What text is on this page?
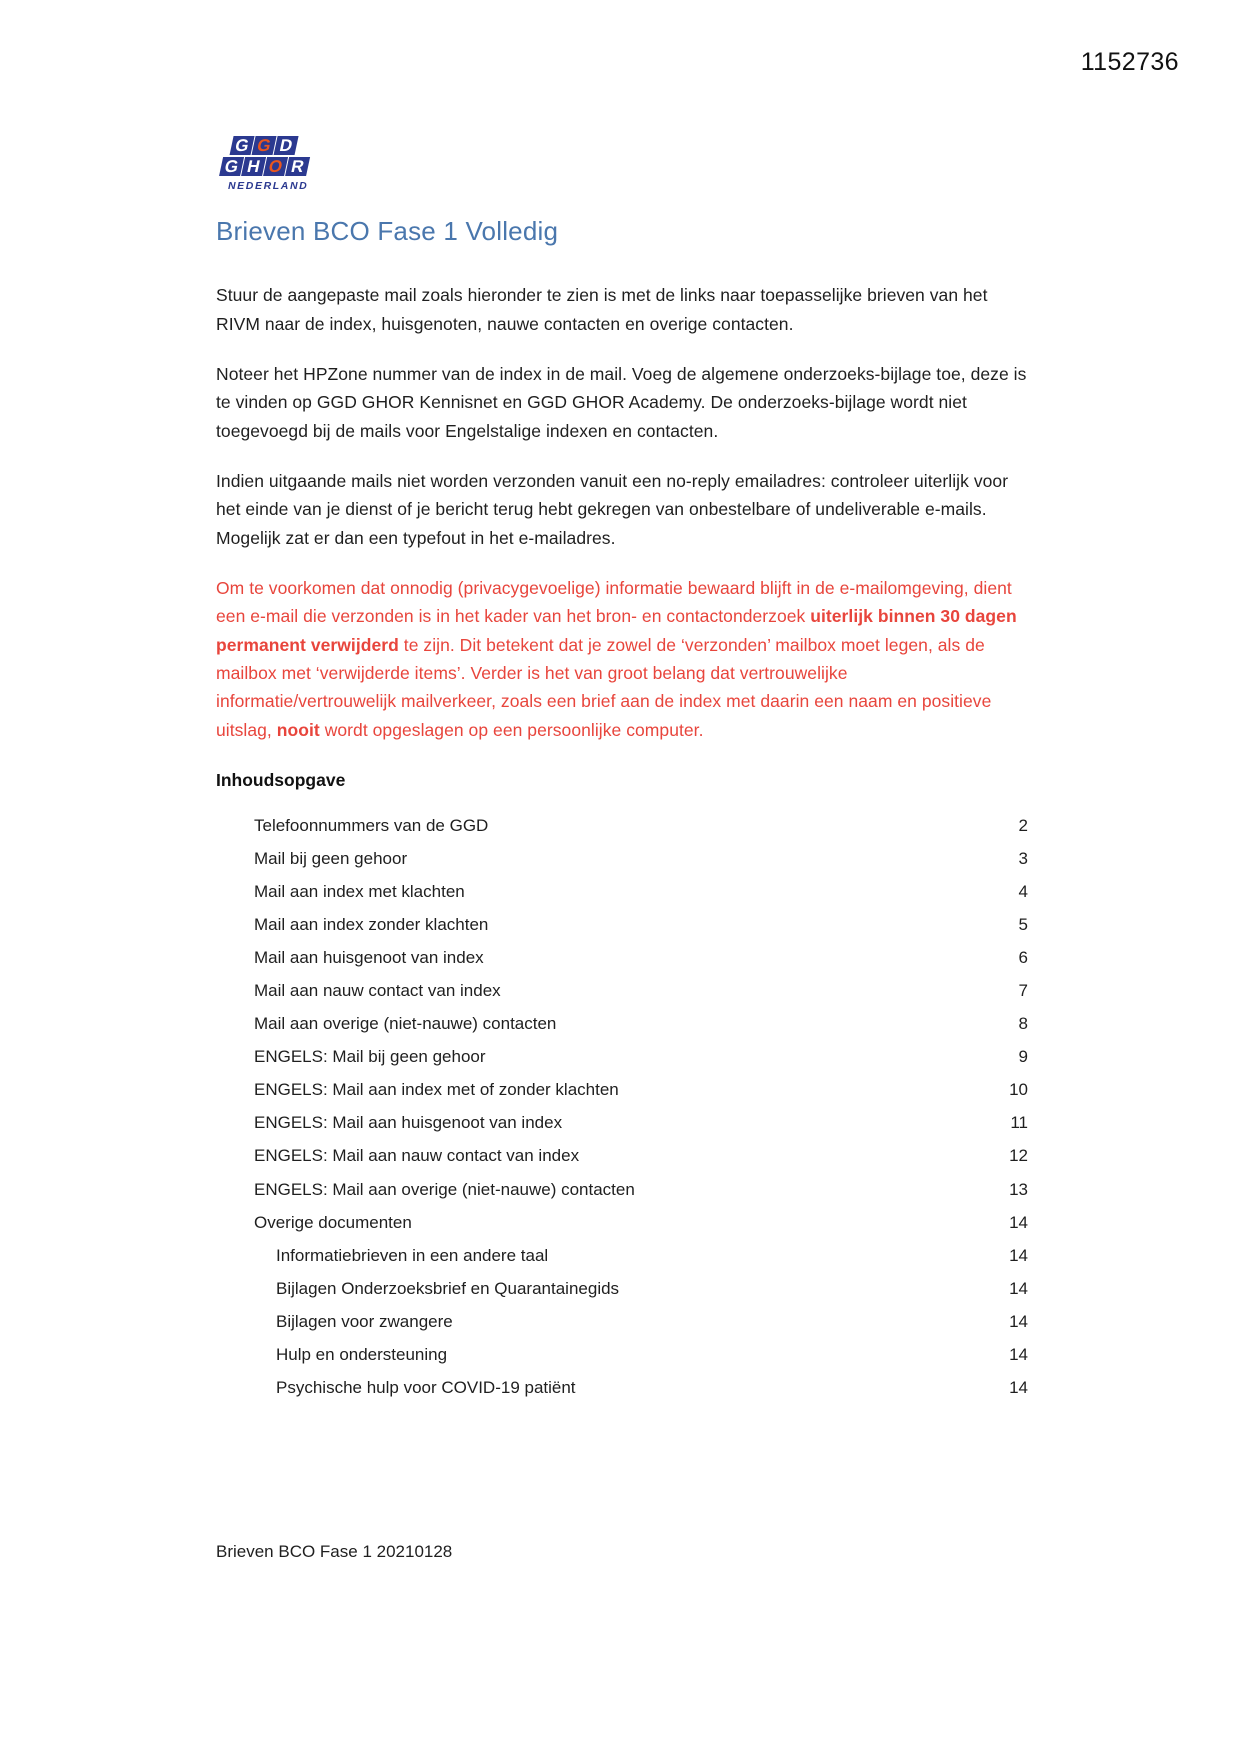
1152736
G G D
G H O R
NEDERLAND
Brieven BCO Fase 1 Volledig

Stuur de aangepaste mail zoals hieronder te zien is met de links naar toepasselijke brieven van het RIVM naar de index, huisgenoten, nauwe contacten en overige contacten.

Noteer het HPZone nummer van de index in de mail. Voeg de algemene onderzoeks-bijlage toe, deze is te vinden op GGD GHOR Kennisnet en GGD GHOR Academy. De onderzoeks-bijlage wordt niet toegevoegd bij de mails voor Engelstalige indexen en contacten.

Indien uitgaande mails niet worden verzonden vanuit een no-reply emailadres: controleer uiterlijk voor het einde van je dienst of je bericht terug hebt gekregen van onbestelbare of undeliverable e-mails. Mogelijk zat er dan een typefout in het e-mailadres.

Om te voorkomen dat onnodig (privacygevoelige) informatie bewaard blijft in de e-mailomgeving, dient een e-mail die verzonden is in het kader van het bron- en contactonderzoek uiterlijk binnen 30 dagen permanent verwijderd te zijn. Dit betekent dat je zowel de ‘verzonden’ mailbox moet legen, als de mailbox met ‘verwijderde items’. Verder is het van groot belang dat vertrouwelijke informatie/vertrouwelijk mailverkeer, zoals een brief aan de index met daarin een naam en positieve uitslag, nooit wordt opgeslagen op een persoonlijke computer.

Inhoudsopgave
Telefoonnummers van de GGD	2
Mail bij geen gehoor	3
Mail aan index met klachten	4
Mail aan index zonder klachten	5
Mail aan huisgenoot van index	6
Mail aan nauw contact van index	7
Mail aan overige (niet-nauwe) contacten	8
ENGELS: Mail bij geen gehoor	9
ENGELS: Mail aan index met of zonder klachten	10
ENGELS: Mail aan huisgenoot van index	11
ENGELS: Mail aan nauw contact van index	12
ENGELS: Mail aan overige (niet-nauwe) contacten	13
Overige documenten	14
Informatiebrieven in een andere taal	14
Bijlagen Onderzoeksbrief en Quarantainegids	14
Bijlagen voor zwangere	14
Hulp en ondersteuning	14
Psychische hulp voor COVID-19 patiënt	14
Brieven BCO Fase 1 20210128
